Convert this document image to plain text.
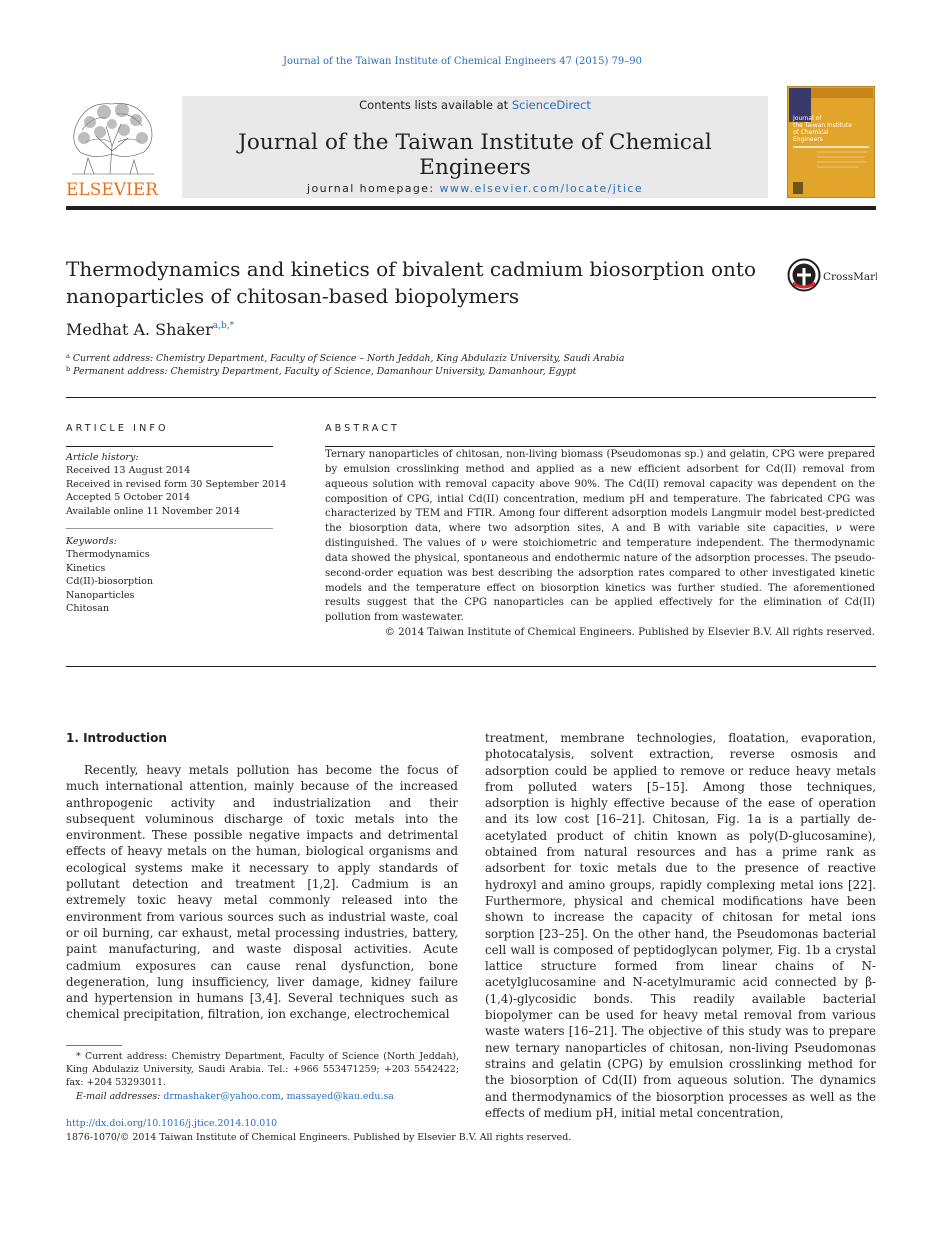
Journal of the Taiwan Institute of Chemical Engineers 47 (2015) 79–90
ELSEVIER
Contents lists available at ScienceDirect
Journal of the Taiwan Institute of Chemical Engineers
journal homepage: www.elsevier.com/locate/jtice
Journal of
the Taiwan Institute
of Chemical
Engineers
Thermodynamics and kinetics of bivalent cadmium biosorption onto
nanoparticles of chitosan-based biopolymers
CrossMark
Medhat A. Shaker$^{a,b,*}$
$^a$ Current address: Chemistry Department, Faculty of Science – North Jeddah, King Abdulaziz University, Saudi Arabia
$^b$ Permanent address: Chemistry Department, Faculty of Science, Damanhour University, Damanhour, Egypt
ARTICLE INFO	ABSTRACT
Article history:
Received 13 August 2014
Received in revised form 30 September 2014
Accepted 5 October 2014
Available online 11 November 2014
Keywords:
Thermodynamics
Kinetics
Cd(II)-biosorption
Nanoparticles
Chitosan
Ternary nanoparticles of chitosan, non-living biomass (Pseudomonas sp.) and gelatin, CPG were prepared by emulsion crosslinking method and applied as a new efficient adsorbent for Cd(II) removal from aqueous solution with removal capacity above 90%. The Cd(II) removal capacity was dependent on the composition of CPG, intial Cd(II) concentration, medium pH and temperature. The fabricated CPG was characterized by TEM and FTIR. Among four different adsorption models Langmuir model best-predicted the biosorption data, where two adsorption sites, A and B with variable site capacities, ν were distinguished. The values of ν were stoichiometric and temperature independent. The thermodynamic data showed the physical, spontaneous and endothermic nature of the adsorption processes. The pseudo-second-order equation was best describing the adsorption rates compared to other investigated kinetic models and the temperature effect on biosorption kinetics was further studied. The aforementioned results suggest that the CPG nanoparticles can be applied effectively for the elimination of Cd(II) pollution from wastewater.
© 2014 Taiwan Institute of Chemical Engineers. Published by Elsevier B.V. All rights reserved.
1. Introduction

Recently, heavy metals pollution has become the focus of much international attention, mainly because of the increased anthropogenic activity and industrialization and their subsequent voluminous discharge of toxic metals into the environment. These possible negative impacts and detrimental effects of heavy metals on the human, biological organisms and ecological systems make it necessary to apply standards of pollutant detection and treatment [1,2]. Cadmium is an extremely toxic heavy metal commonly released into the environment from various sources such as industrial waste, coal or oil burning, car exhaust, metal processing industries, battery, paint manufacturing, and waste disposal activities. Acute cadmium exposures can cause renal dysfunction, bone degeneration, lung insufficiency, liver damage, kidney failure and hypertension in humans [3,4]. Several techniques such as chemical precipitation, filtration, ion exchange, electrochemical

treatment, membrane technologies, floatation, evaporation, photocatalysis, solvent extraction, reverse osmosis and adsorption could be applied to remove or reduce heavy metals from polluted waters [5–15]. Among those techniques, adsorption is highly effective because of the ease of operation and its low cost [16–21]. Chitosan, Fig. 1a is a partially de-acetylated product of chitin known as poly(D-glucosamine), obtained from natural resources and has a prime rank as adsorbent for toxic metals due to the presence of reactive hydroxyl and amino groups, rapidly complexing metal ions [22]. Furthermore, physical and chemical modifications have been shown to increase the capacity of chitosan for metal ions sorption [23–25]. On the other hand, the Pseudomonas bacterial cell wall is composed of peptidoglycan polymer, Fig. 1b a crystal lattice structure formed from linear chains of N-acetylglucosamine and N-acetylmuramic acid connected by β-(1,4)-glycosidic bonds. This readily available bacterial biopolymer can be used for heavy metal removal from various waste waters [16–21]. The objective of this study was to prepare new ternary nanoparticles of chitosan, non-living Pseudomonas strains and gelatin (CPG) by emulsion crosslinking method for the biosorption of Cd(II) from aqueous solution. The dynamics and thermodynamics of the biosorption processes as well as the effects of medium pH, initial metal concentration,
* Current address: Chemistry Department, Faculty of Science (North Jeddah), King Abdulaziz University, Saudi Arabia. Tel.: +966 553471259; +203 5542422; fax: +204 53293011.
E-mail addresses: drmashaker@yahoo.com, massayed@kau.edu.sa
http://dx.doi.org/10.1016/j.jtice.2014.10.010
1876-1070/© 2014 Taiwan Institute of Chemical Engineers. Published by Elsevier B.V. All rights reserved.
